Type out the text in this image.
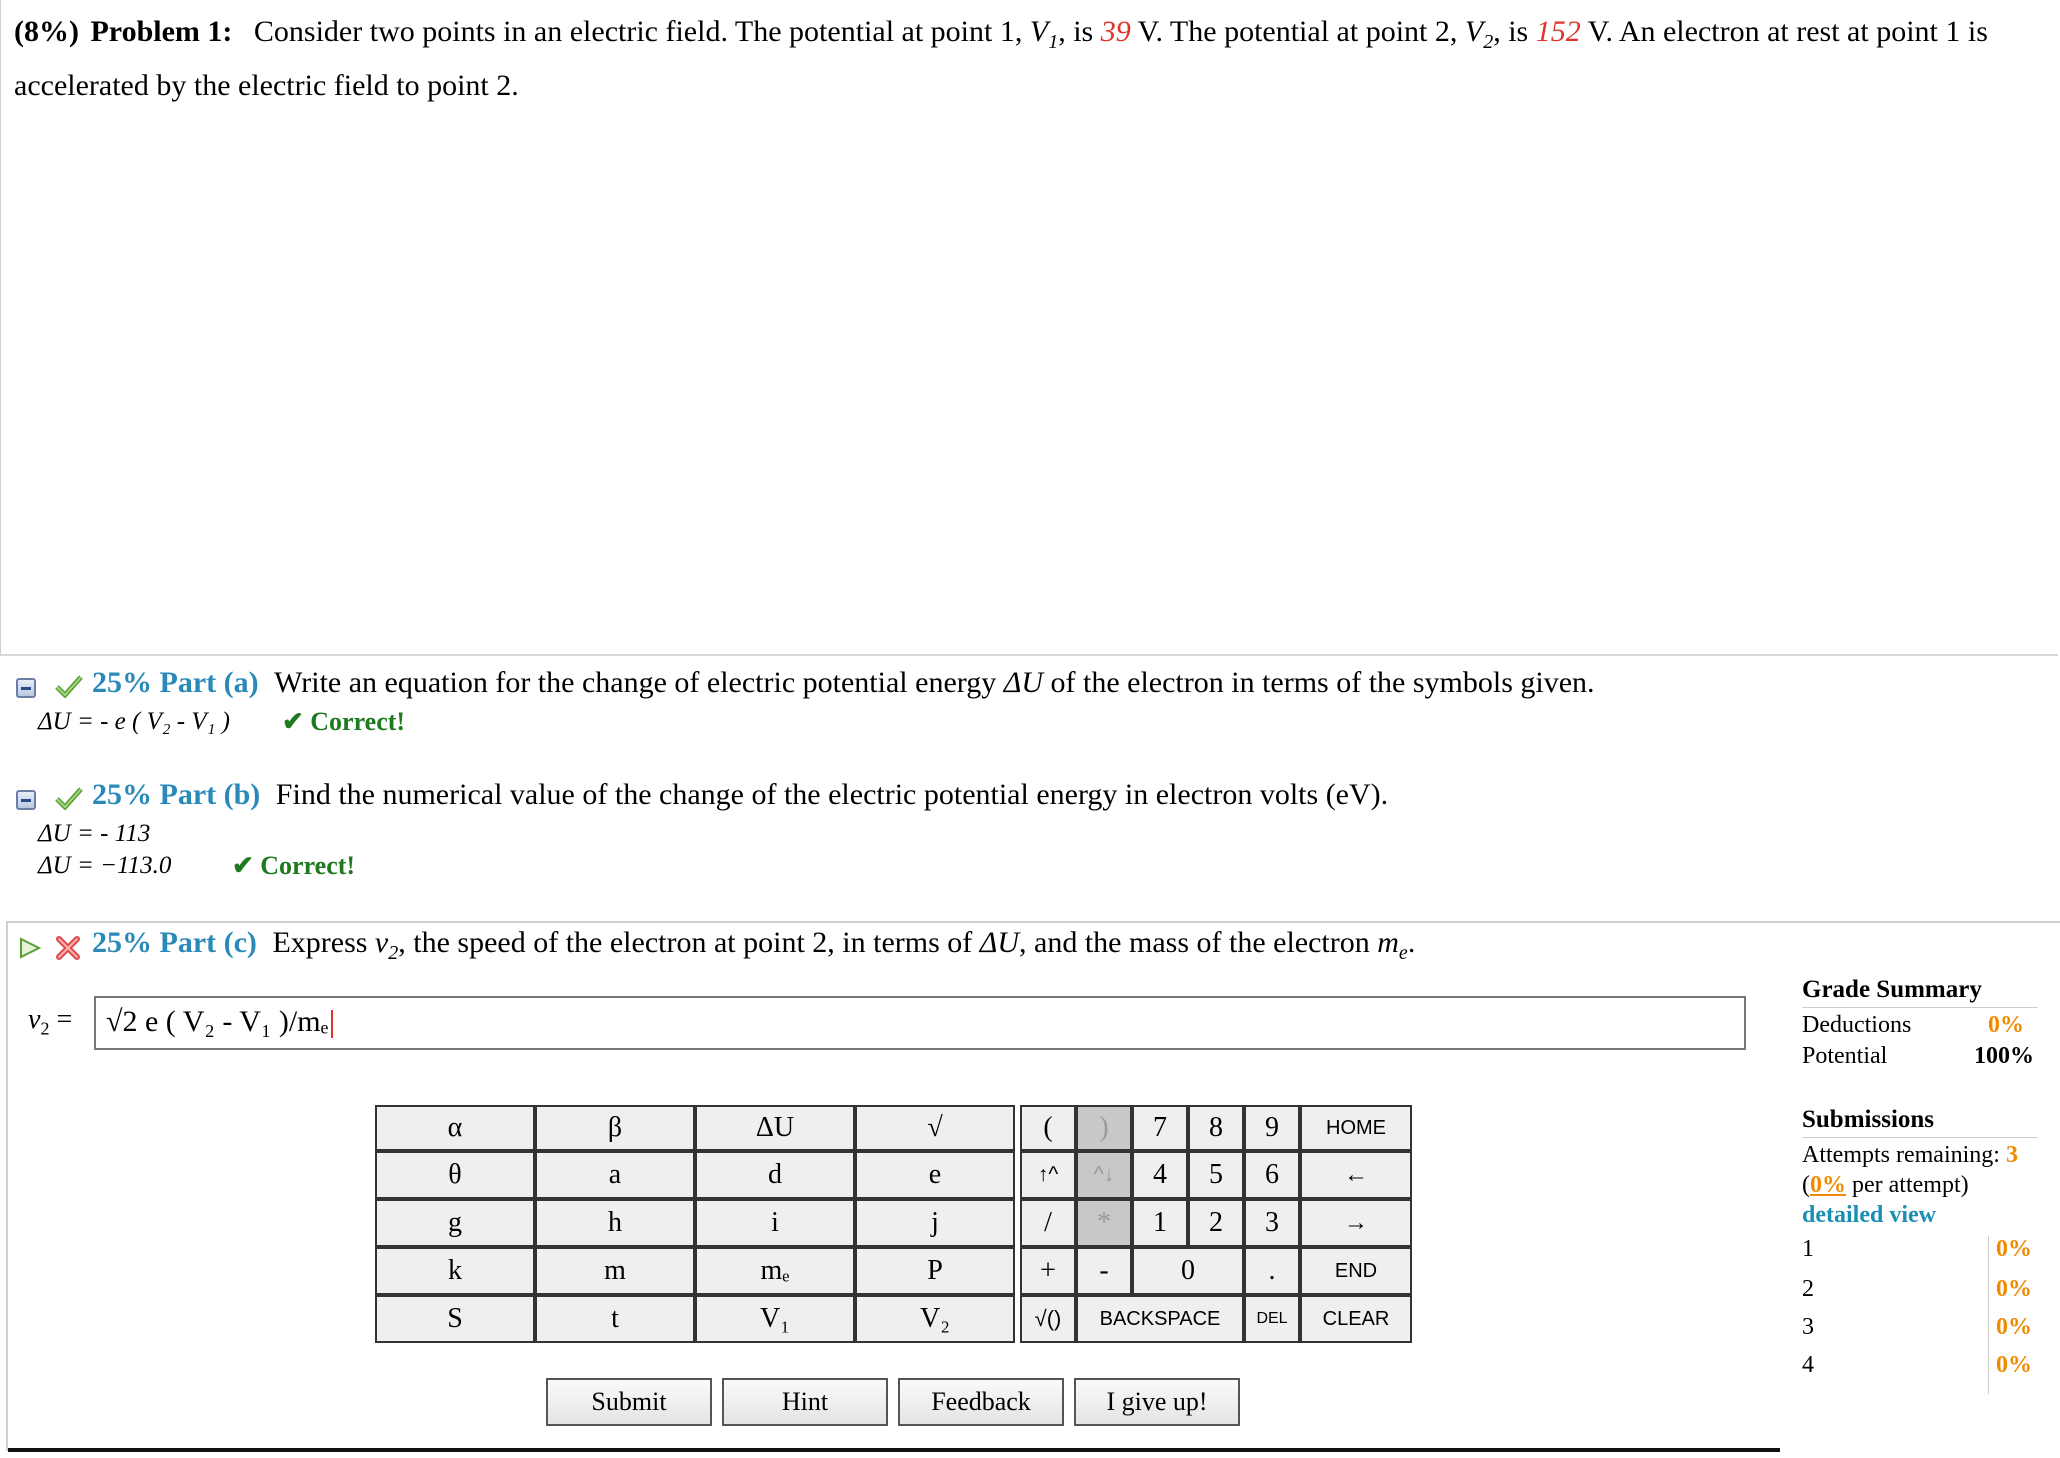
(8%) Problem 1: Consider two points in an electric field. The potential at point 1, $V_1$, is 39 V. The potential at point 2, $V_2$, is 152 V. An electron at rest at point 1 is accelerated by the electric field to point 2.
25% Part (a) Write an equation for the change of electric potential energy ΔU of the electron in terms of the symbols given.
ΔU = - e ( V₂ - V₁ ) ✔ Correct!
25% Part (b) Find the numerical value of the change of the electric potential energy in electron volts (eV).
ΔU = - 113
ΔU = −113.0 ✔ Correct!
25% Part (c) Express $v_2$, the speed of the electron at point 2, in terms of ΔU, and the mass of the electron $m_e$.
$v_2$ =	√2 e ( V₂ - V₁ )/mₑ
α	β	ΔU	√
θ	a	d	e
g	h	i	j
k	m	mₑ	P
S	t	V₁	V₂
(	)	7	8	9	HOME
↑^	^↓	4	5	6	←
/	*	1	2	3	→
+	-	0	.	END
√()	BACKSPACE	DEL	CLEAR
Submit	Hint	Feedback	I give up!
Grade Summary
Deductions	0%
Potential	100%
Submissions
Attempts remaining: 3
(0% per attempt)
detailed view
1	0%
2	0%
3	0%
4	0%
